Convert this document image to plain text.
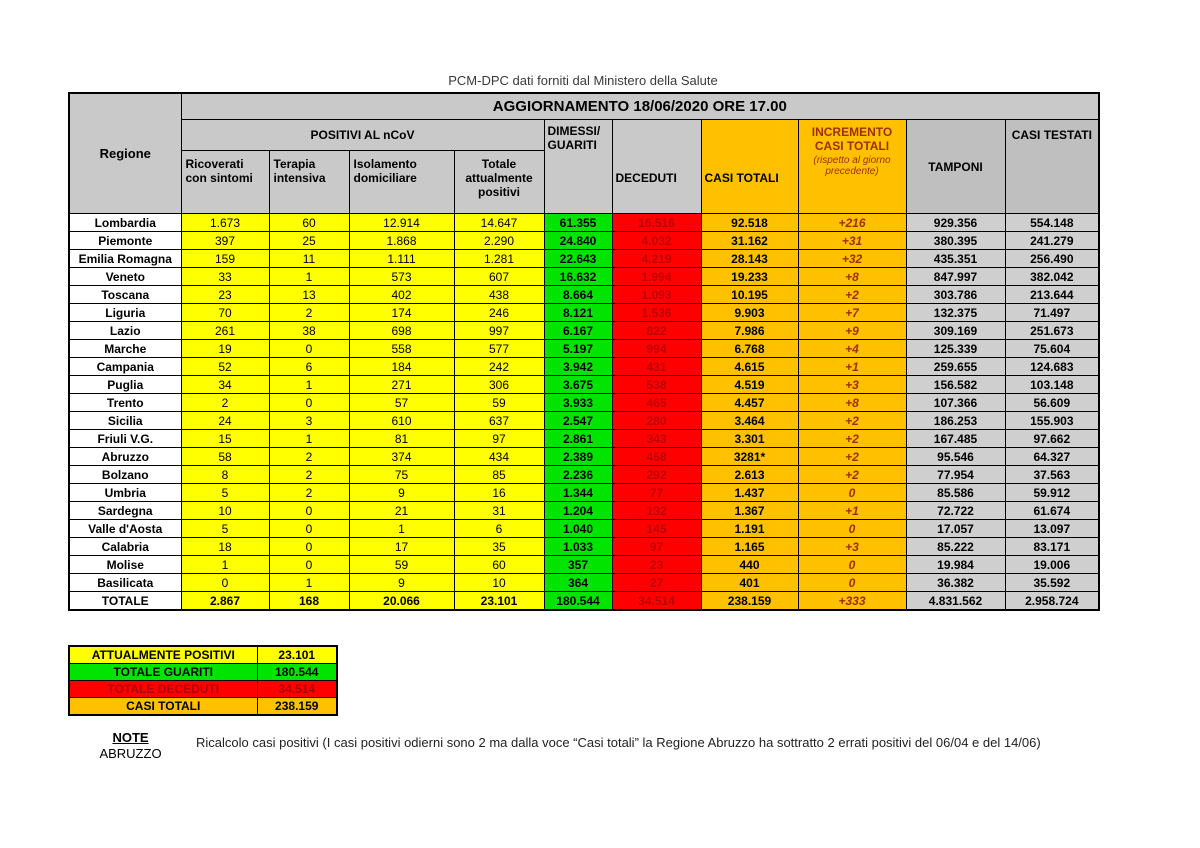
PCM-DPC dati forniti dal Ministero della Salute
Regione	AGGIORNAMENTO 18/06/2020 ORE 17.00									
	POSITIVI AL nCoV				DIMESSI/ GUARITI	DECEDUTI	CASI TOTALI	INCREMENTO CASI TOTALI
(rispetto al giorno precedente)	TAMPONI	CASI TESTATI
	Ricoverati con sintomi	Terapia intensiva	Isolamento domiciliare	Totale attualmente positivi						
Lombardia	1.673	60	12.914	14.647	61.355	16.516	92.518	+216	929.356	554.148
Piemonte	397	25	1.868	2.290	24.840	4.032	31.162	+31	380.395	241.279
Emilia Romagna	159	11	1.111	1.281	22.643	4.219	28.143	+32	435.351	256.490
Veneto	33	1	573	607	16.632	1.994	19.233	+8	847.997	382.042
Toscana	23	13	402	438	8.664	1.093	10.195	+2	303.786	213.644
Liguria	70	2	174	246	8.121	1.536	9.903	+7	132.375	71.497
Lazio	261	38	698	997	6.167	822	7.986	+9	309.169	251.673
Marche	19	0	558	577	5.197	994	6.768	+4	125.339	75.604
Campania	52	6	184	242	3.942	431	4.615	+1	259.655	124.683
Puglia	34	1	271	306	3.675	538	4.519	+3	156.582	103.148
Trento	2	0	57	59	3.933	465	4.457	+8	107.366	56.609
Sicilia	24	3	610	637	2.547	280	3.464	+2	186.253	155.903
Friuli V.G.	15	1	81	97	2.861	343	3.301	+2	167.485	97.662
Abruzzo	58	2	374	434	2.389	458	3281*	+2	95.546	64.327
Bolzano	8	2	75	85	2.236	292	2.613	+2	77.954	37.563
Umbria	5	2	9	16	1.344	77	1.437	0	85.586	59.912
Sardegna	10	0	21	31	1.204	132	1.367	+1	72.722	61.674
Valle d'Aosta	5	0	1	6	1.040	145	1.191	0	17.057	13.097
Calabria	18	0	17	35	1.033	97	1.165	+3	85.222	83.171
Molise	1	0	59	60	357	23	440	0	19.984	19.006
Basilicata	0	1	9	10	364	27	401	0	36.382	35.592
TOTALE	2.867	168	20.066	23.101	180.544	34.514	238.159	+333	4.831.562	2.958.724
ATTUALMENTE POSITIVI	23.101
TOTALE GUARITI	180.544
TOTALE DECEDUTI	34.514
CASI TOTALI	238.159
NOTE
ABRUZZO
Ricalcolo casi positivi (I casi positivi odierni sono 2 ma dalla voce “Casi totali” la Regione Abruzzo ha sottratto 2 errati positivi del 06/04 e del 14/06)
